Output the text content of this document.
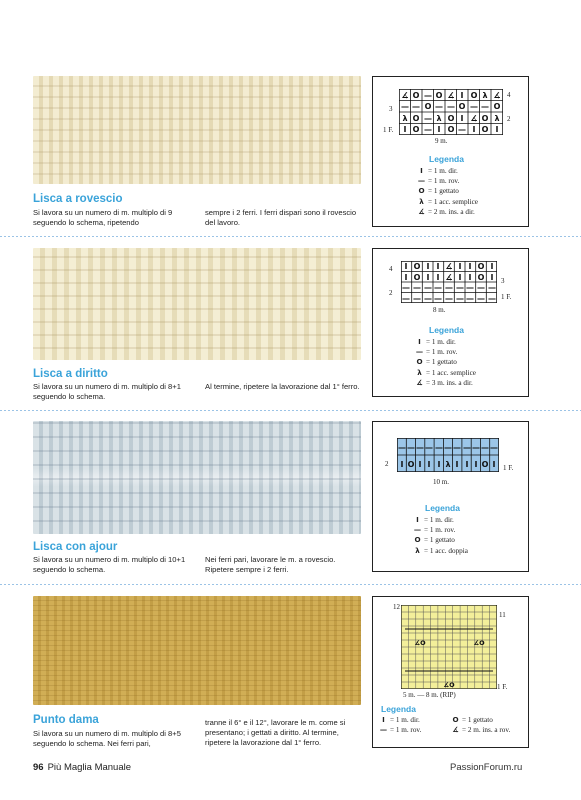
Lisca a rovescio
Si lavora su un numero di m. multiplo di 9 seguendo lo schema, ripetendo
sempre i 2 ferri. I ferri dispari sono il rovescio del lavoro.
3
4
1 F.
2
∡ O — O ∡ I O λ ∡
— — O — — O — — O
λ O — λ O I ∡ O λ
I O — I O — I O I
9 m.
Legenda
I = 1 m. dir.
— = 1 m. rov.
O = 1 gettato
λ = 1 acc. semplice
∡ = 2 m. ins. a dir.
Lisca a diritto
Si lavora su un numero di m. multiplo di 8+1 seguendo lo schema.
Al termine, ripetere la lavorazione dal 1° ferro.
4
3
2	1 F.
I O I I ∡ I I O I
I O I I ∡ I I O I
— — — — — — — — —
— — — — — — — — —
8 m.
Legenda
I = 1 m. dir.
— = 1 m. rov.
O = 1 gettato
λ = 1 acc. semplice
∡ = 3 m. ins. a dir.
Lisca con ajour
Si lavora su un numero di m. multiplo di 10+1 seguendo lo schema.
Nei ferri pari, lavorare le m. a rovescio. Ripetere sempre i 2 ferri.
2	1 F.
— — — — — — — — — — —
I O I I I λ I I I O I
10 m.
Legenda
I = 1 m. dir.
— = 1 m. rov.
O = 1 gettato
λ = 1 acc. doppia
Punto dama
Si lavora su un numero di m. multiplo di 8+5 seguendo lo schema. Nei ferri pari,
tranne il 6° e il 12°, lavorare le m. come si presentano; i gettati a diritto. Al termine, ripetere la lavorazione dal 1° ferro.
12
11
1 F.
∡O	∡O
∡O
5 m. — 8 m. (RIP)
Legenda
I = 1 m. dir.	O = 1 gettato
— = 1 m. rov.	∡ = 2 m. ins. a rov.
96 Più Maglia Manuale	PassionForum.ru
